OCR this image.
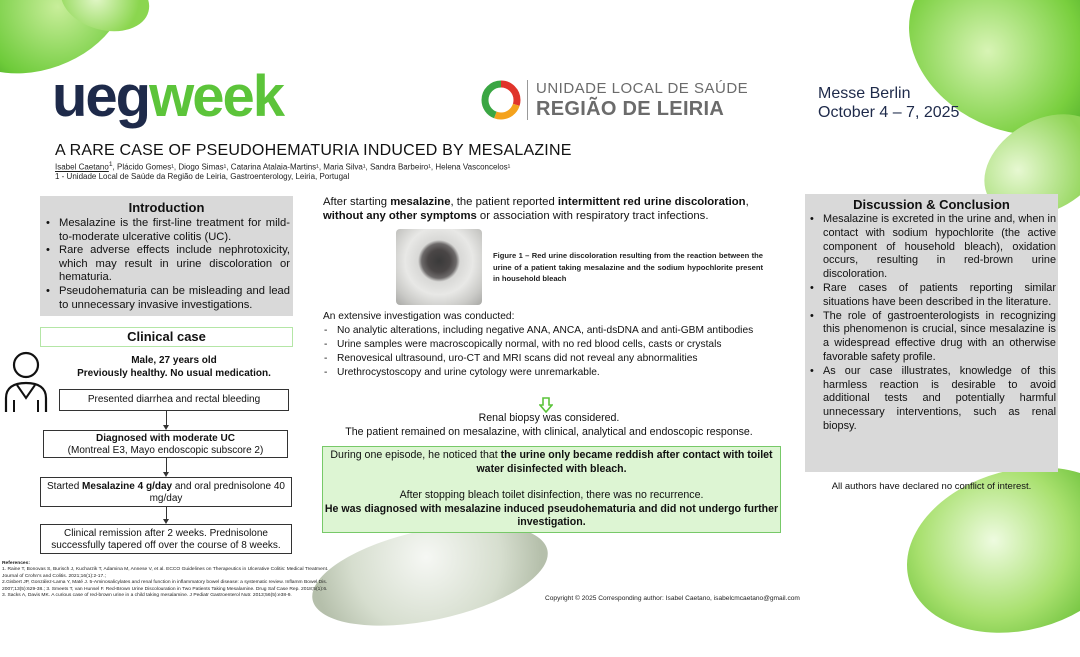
uegweek	UNIDADE LOCAL DE SAÚDE
REGIÃO DE LEIRIA
Messe Berlin
October 4 – 7, 2025
A RARE CASE OF PSEUDOHEMATURIA INDUCED BY MESALAZINE
Isabel Caetano$^1$, Plácido Gomes¹, Diogo Simas¹, Catarina Atalaia-Martins¹, Maria Silva¹, Sandra Barbeiro¹, Helena Vasconcelos¹
1 - Unidade Local de Saúde da Região de Leiria, Gastroenterology, Leiria, Portugal
Introduction
• Mesalazine is the first-line treatment for mild-to-moderate ulcerative colitis (UC).
• Rare adverse effects include nephrotoxicity, which may result in urine discoloration or hematuria.
• Pseudohematuria can be misleading and lead to unnecessary invasive investigations.
Clinical case
Male, 27 years old
Previously healthy. No usual medication.
Presented diarrhea and rectal bleeding
Diagnosed with moderate UC
(Montreal E3, Mayo endoscopic subscore 2)
Started Mesalazine 4 g/day and oral prednisolone 40 mg/day
Clinical remission after 2 weeks. Prednisolone successfully tapered off over the course of 8 weeks.
After starting mesalazine, the patient reported intermittent red urine discoloration, without any other symptoms or association with respiratory tract infections.
Figure 1 – Red urine discoloration resulting from the reaction between the urine of a patient taking mesalazine and the sodium hypochlorite present in household bleach
An extensive investigation was conducted:
- No analytic alterations, including negative ANA, ANCA, anti-dsDNA and anti-GBM antibodies
- Urine samples were macroscopically normal, with no red blood cells, casts or crystals
- Renovesical ultrasound, uro-CT and MRI scans did not reveal any abnormalities
- Urethrocystoscopy and urine cytology were unremarkable.
Renal biopsy was considered.
The patient remained on mesalazine, with clinical, analytical and endoscopic response.
During one episode, he noticed that the urine only became reddish after contact with toilet water disinfected with bleach.
After stopping bleach toilet disinfection, there was no recurrence.
He was diagnosed with mesalazine induced pseudohematuria and did not undergo further investigation.
Discussion & Conclusion
• Mesalazine is excreted in the urine and, when in contact with sodium hypochlorite (the active component of household bleach), oxidation occurs, resulting in red-brown urine discoloration.
• Rare cases of patients reporting similar situations have been described in the literature.
• The role of gastroenterologists in recognizing this phenomenon is crucial, since mesalazine is a widespread effective drug with an otherwise favorable safety profile.
• As our case illustrates, knowledge of this harmless reaction is desirable to avoid additional tests and potentially harmful unnecessary interventions, such as renal biopsy.
All authors have declared no conflict of interest.
References:
1. Raine T, Bonovas S, Burisch J, Kucharzik T, Adamina M, Annese V, et al. ECCO Guidelines on Therapeutics in Ulcerative Colitis: Medical Treatment. Journal of Crohn's and Colitis. 2021;16(1):2-17.;
2.Gisbert JP, González-Lama Y, Maté J. 5-Aminosalicylates and renal function in inflammatory bowel disease: a systematic review. Inflamm Bowel Dis. 2007;13(5):629-38.; 3. Smeets T, van Hunsel F. Red-Brown Urine Discolouration in Two Patients Taking Mesalamine. Drug Saf Case Rep. 2018;5(1):6.
3. Sacks A, Davis MK. A curious case of red-brown urine in a child taking mesalamine. J Pediatr Gastroenterol Nutr. 2013;56(5):e38-9.	Copyright © 2025 Corresponding author: Isabel Caetano, isabelcmcaetano@gmail.com
